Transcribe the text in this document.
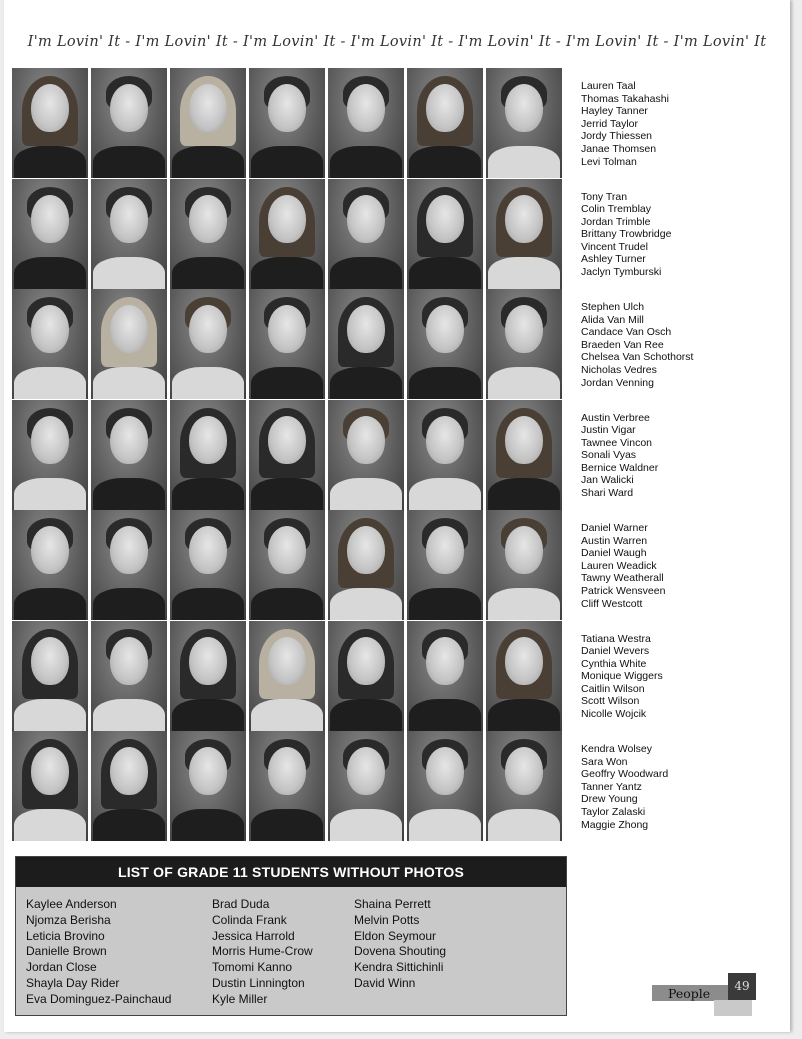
I'm Lovin' It - I'm Lovin' It - I'm Lovin' It - I'm Lovin' It - I'm Lovin' It - I'm Lovin' It - I'm Lovin' It
LIST OF GRADE 11 STUDENTS WITHOUT PHOTOS
Kaylee Anderson
Njomza Berisha
Leticia Brovino
Danielle Brown
Jordan Close
Shayla Day Rider
Eva Dominguez-Painchaud
Brad Duda
Colinda Frank
Jessica Harrold
Morris Hume-Crow
Tomomi Kanno
Dustin Linnington
Kyle Miller
Shaina Perrett
Melvin Potts
Eldon Seymour
Dovena Shouting
Kendra Sittichinli
David Winn
People	49
Lauren Taal
Thomas Takahashi
Hayley Tanner
Jerrid Taylor
Jordy Thiessen
Janae Thomsen
Levi Tolman
Tony Tran
Colin Tremblay
Jordan Trimble
Brittany Trowbridge
Vincent Trudel
Ashley Turner
Jaclyn Tymburski
Stephen Ulch
Alida Van Mill
Candace Van Osch
Braeden Van Ree
Chelsea Van Schothorst
Nicholas Vedres
Jordan Venning
Austin Verbree
Justin Vigar
Tawnee Vincon
Sonali Vyas
Bernice Waldner
Jan Walicki
Shari Ward
Daniel Warner
Austin Warren
Daniel Waugh
Lauren Weadick
Tawny Weatherall
Patrick Wensveen
Cliff Westcott
Tatiana Westra
Daniel Wevers
Cynthia White
Monique Wiggers
Caitlin Wilson
Scott Wilson
Nicolle Wojcik
Kendra Wolsey
Sara Won
Geoffry Woodward
Tanner Yantz
Drew Young
Taylor Zalaski
Maggie Zhong
